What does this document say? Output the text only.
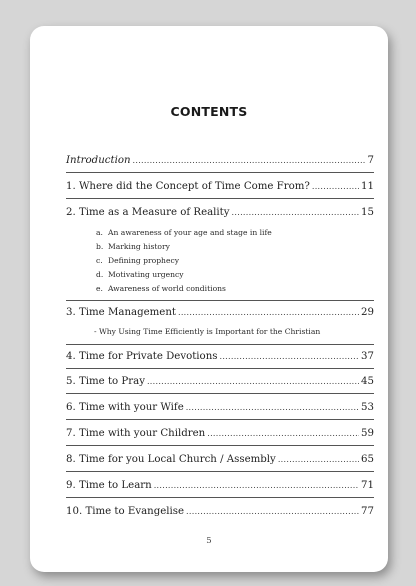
CONTENTS
Introduction .....	7
1. Where did the Concept of Time Come From? .....	11
2. Time as a Measure of Reality .....	15
a. An awareness of your age and stage in life
b. Marking history
c. Defining prophecy
d. Motivating urgency
e. Awareness of world conditions
3. Time Management .....	29
- Why Using Time Efficiently is Important for the Christian
4. Time for Private Devotions .....	37
5. Time to Pray .....	45
6. Time with your Wife .....	53
7. Time with your Children .....	59
8. Time for you Local Church / Assembly .....	65
9. Time to Learn .....	71
10. Time to Evangelise .....	77
5
